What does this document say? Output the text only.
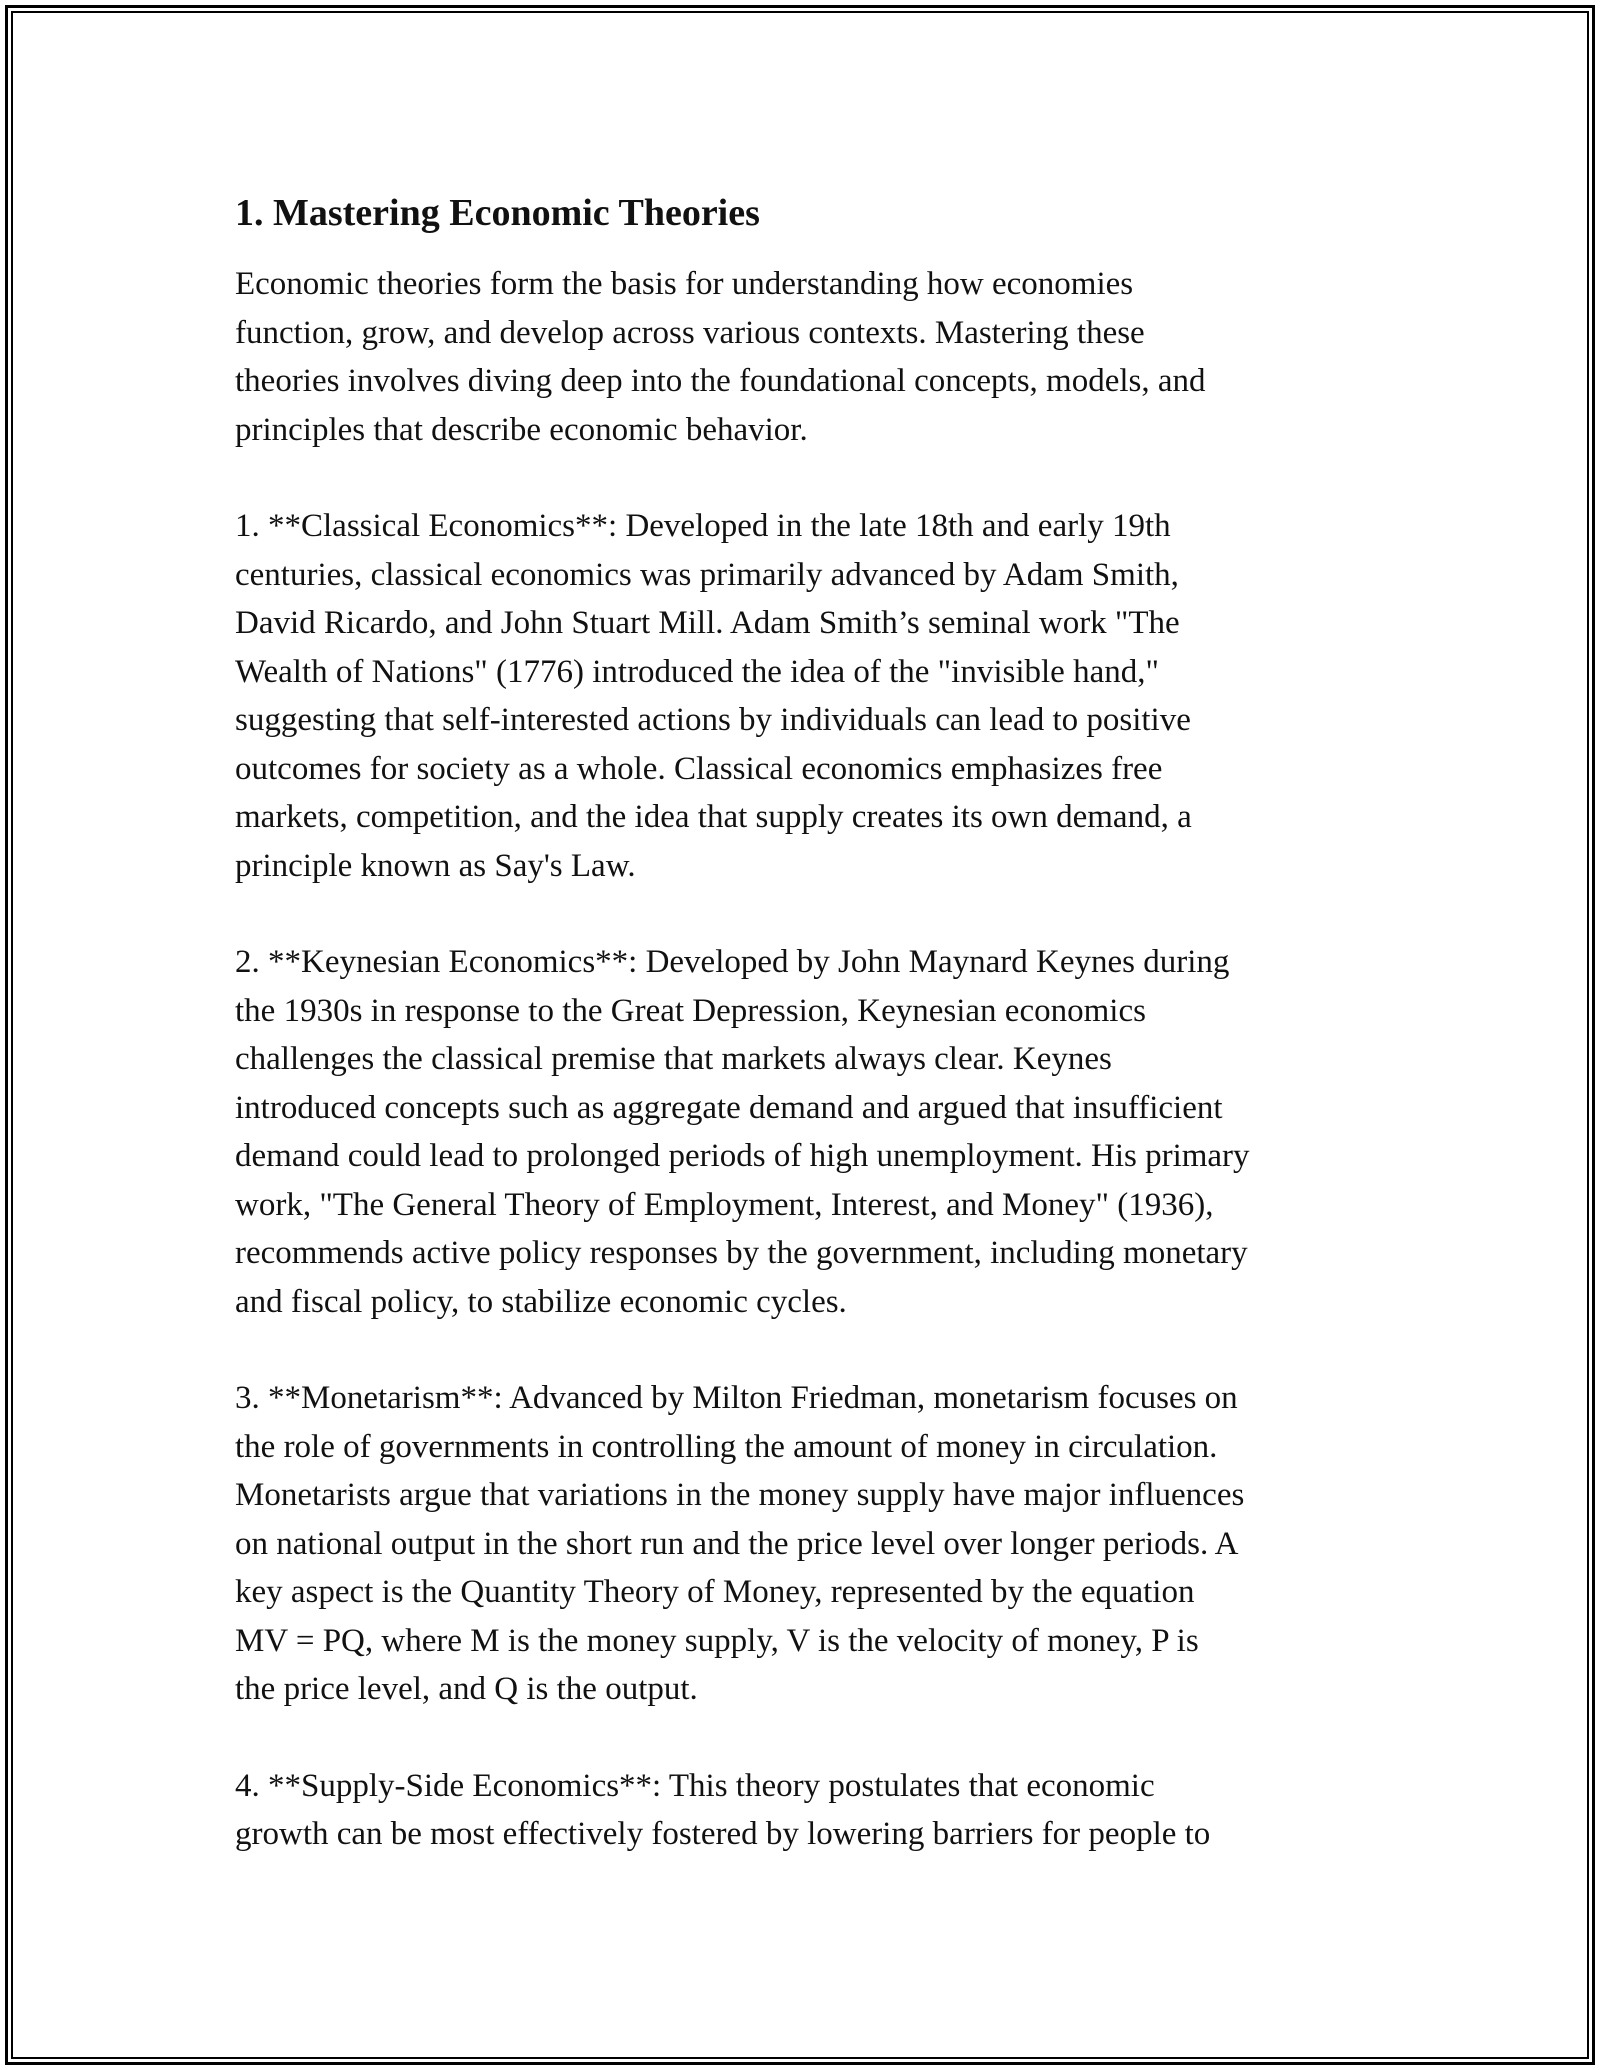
1. Mastering Economic Theories
Economic theories form the basis for understanding how economies
function, grow, and develop across various contexts. Mastering these
theories involves diving deep into the foundational concepts, models, and
principles that describe economic behavior.
1. **Classical Economics**: Developed in the late 18th and early 19th
centuries, classical economics was primarily advanced by Adam Smith,
David Ricardo, and John Stuart Mill. Adam Smith’s seminal work "The
Wealth of Nations" (1776) introduced the idea of the "invisible hand,"
suggesting that self-interested actions by individuals can lead to positive
outcomes for society as a whole. Classical economics emphasizes free
markets, competition, and the idea that supply creates its own demand, a
principle known as Say's Law.
2. **Keynesian Economics**: Developed by John Maynard Keynes during
the 1930s in response to the Great Depression, Keynesian economics
challenges the classical premise that markets always clear. Keynes
introduced concepts such as aggregate demand and argued that insufficient
demand could lead to prolonged periods of high unemployment. His primary
work, "The General Theory of Employment, Interest, and Money" (1936),
recommends active policy responses by the government, including monetary
and fiscal policy, to stabilize economic cycles.
3. **Monetarism**: Advanced by Milton Friedman, monetarism focuses on
the role of governments in controlling the amount of money in circulation.
Monetarists argue that variations in the money supply have major influences
on national output in the short run and the price level over longer periods. A
key aspect is the Quantity Theory of Money, represented by the equation
MV = PQ, where M is the money supply, V is the velocity of money, P is
the price level, and Q is the output.
4. **Supply-Side Economics**: This theory postulates that economic
growth can be most effectively fostered by lowering barriers for people to
